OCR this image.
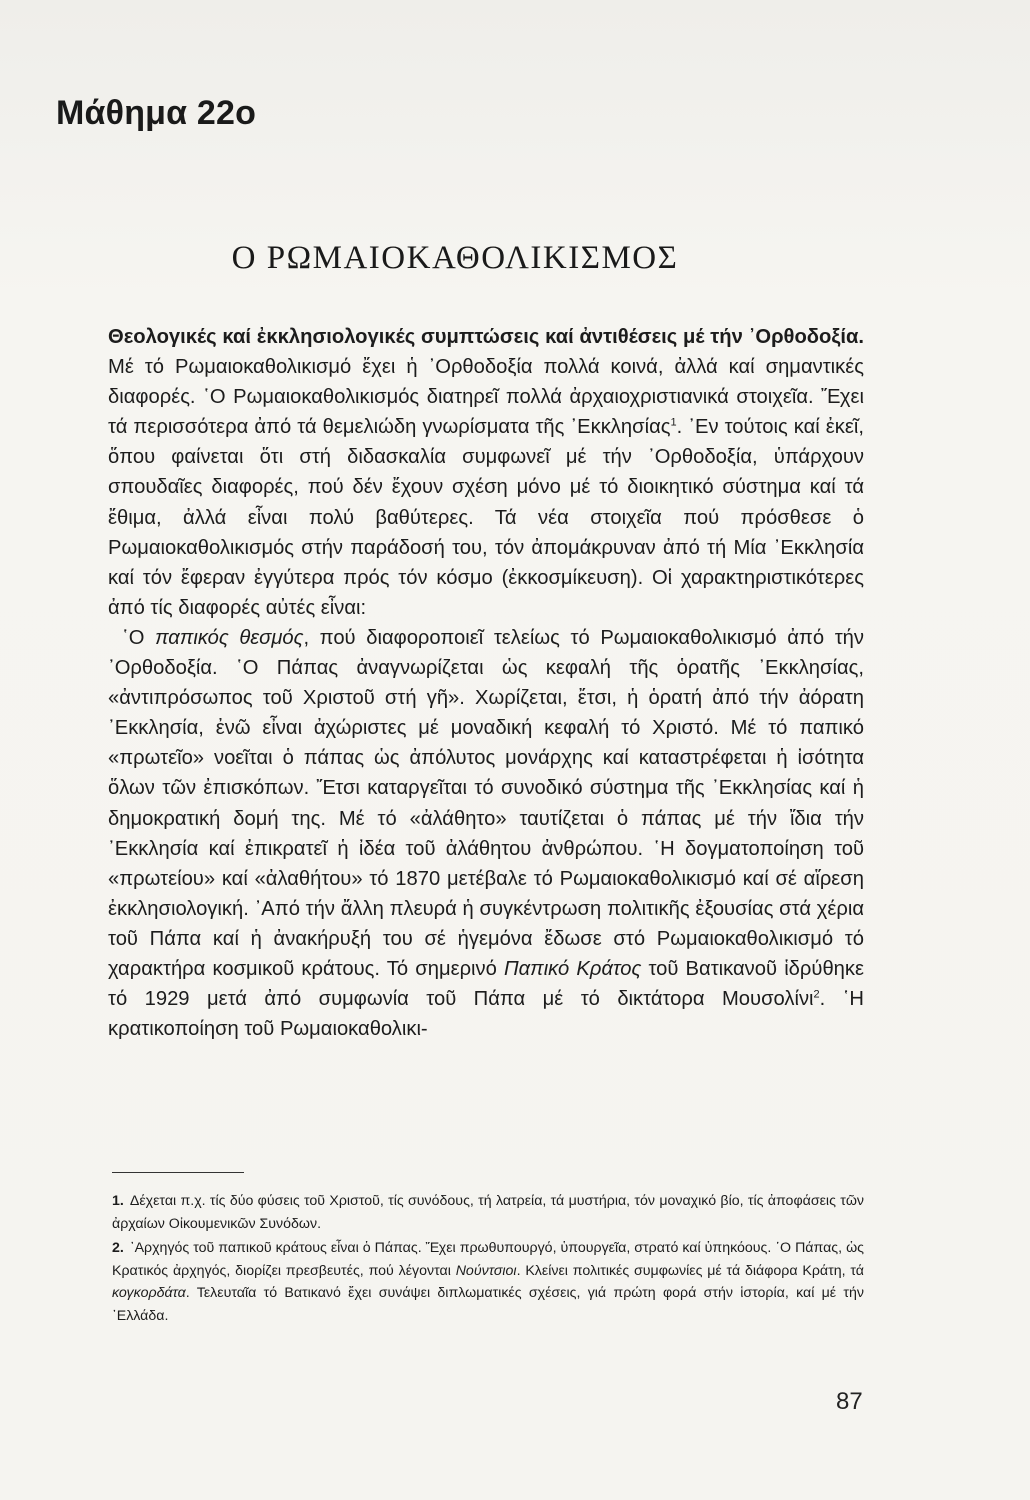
Μάθημα 22ο
Ο ΡΩΜΑΙΟΚΑΘΟΛΙΚΙΣΜΟΣ

Θεολογικές καί ἐκκλησιολογικές συμπτώσεις καί ἀντιθέσεις μέ τήν ᾿Ορθοδοξία. Μέ τό Ρωμαιοκαθολικισμό ἔχει ἡ ᾿Ορθοδοξία πολλά κοινά, ἀλλά καί σημαντικές διαφορές. ῾Ο Ρωμαιοκαθολικισμός διατηρεῖ πολλά ἀρχαιοχριστιανικά στοιχεῖα. Ἔχει τά περισσότερα ἀπό τά θεμελιώδη γνωρίσματα τῆς ᾿Εκκλησίας$^1$. ᾿Εν τούτοις καί ἐκεῖ, ὅπου φαίνεται ὅτι στή διδασκαλία συμφωνεῖ μέ τήν ᾿Ορθοδοξία, ὑπάρχουν σπουδαῖες διαφορές, πού δέν ἔχουν σχέση μόνο μέ τό διοικητικό σύστημα καί τά ἔθιμα, ἀλλά εἶναι πολύ βαθύτερες. Τά νέα στοιχεῖα πού πρόσθεσε ὁ Ρωμαιοκαθολικισμός στήν παράδοσή του, τόν ἀπομάκρυναν ἀπό τή Μία ᾿Εκκλησία καί τόν ἔφεραν ἐγγύτερα πρός τόν κόσμο (ἐκκοσμίκευση). Οἱ χαρακτηριστικότερες ἀπό τίς διαφορές αὐτές εἶναι:

῾Ο παπικός θεσμός, πού διαφοροποιεῖ τελείως τό Ρωμαιοκαθολικισμό ἀπό τήν ᾿Ορθοδοξία. ῾Ο Πάπας ἀναγνωρίζεται ὡς κεφαλή τῆς ὁρατῆς ᾿Εκκλησίας, «ἀντιπρόσωπος τοῦ Χριστοῦ στή γῆ». Χωρίζεται, ἔτσι, ἡ ὁρατή ἀπό τήν ἀόρατη ᾿Εκκλησία, ἐνῶ εἶναι ἀχώριστες μέ μοναδική κεφαλή τό Χριστό. Μέ τό παπικό «πρωτεῖο» νοεῖται ὁ πάπας ὡς ἀπόλυτος μονάρχης καί καταστρέφεται ἡ ἰσότητα ὅλων τῶν ἐπισκόπων. Ἔτσι καταργεῖται τό συνοδικό σύστημα τῆς ᾿Εκκλησίας καί ἡ δημοκρατική δομή της. Μέ τό «ἀλάθητο» ταυτίζεται ὁ πάπας μέ τήν ἴδια τήν ᾿Εκκλησία καί ἐπικρατεῖ ἡ ἰδέα τοῦ ἀλάθητου ἀνθρώπου. ῾Η δογματοποίηση τοῦ «πρωτείου» καί «ἀλαθήτου» τό 1870 μετέβαλε τό Ρωμαιοκαθολικισμό καί σέ αἵρεση ἐκκλησιολογική. ᾿Από τήν ἄλλη πλευρά ἡ συγκέντρωση πολιτικῆς ἐξουσίας στά χέρια τοῦ Πάπα καί ἡ ἀνακήρυξή του σέ ἡγεμόνα ἔδωσε στό Ρωμαιοκαθολικισμό τό χαρακτήρα κοσμικοῦ κράτους. Τό σημερινό Παπικό Κράτος τοῦ Βατικανοῦ ἱδρύθηκε τό 1929 μετά ἀπό συμφωνία τοῦ Πάπα μέ τό δικτάτορα Μουσολίνι$^2$. ῾Η κρατικοποίηση τοῦ Ρωμαιοκαθολικι-

1. Δέχεται π.χ. τίς δύο φύσεις τοῦ Χριστοῦ, τίς συνόδους, τή λατρεία, τά μυστήρια, τόν μοναχικό βίο, τίς ἀποφάσεις τῶν ἀρχαίων Οἰκουμενικῶν Συνόδων.

2. ᾿Αρχηγός τοῦ παπικοῦ κράτους εἶναι ὁ Πάπας. Ἔχει πρωθυπουργό, ὑπουργεῖα, στρατό καί ὑπηκόους. ῾Ο Πάπας, ὡς Κρατικός ἀρχηγός, διορίζει πρεσβευτές, πού λέγονται Νούντσιοι. Κλείνει πολιτικές συμφωνίες μέ τά διάφορα Κράτη, τά κογκορδάτα. Τελευταῖα τό Βατικανό ἔχει συνάψει διπλωματικές σχέσεις, γιά πρώτη φορά στήν ἱστορία, καί μέ τήν ᾿Ελλάδα.

87
